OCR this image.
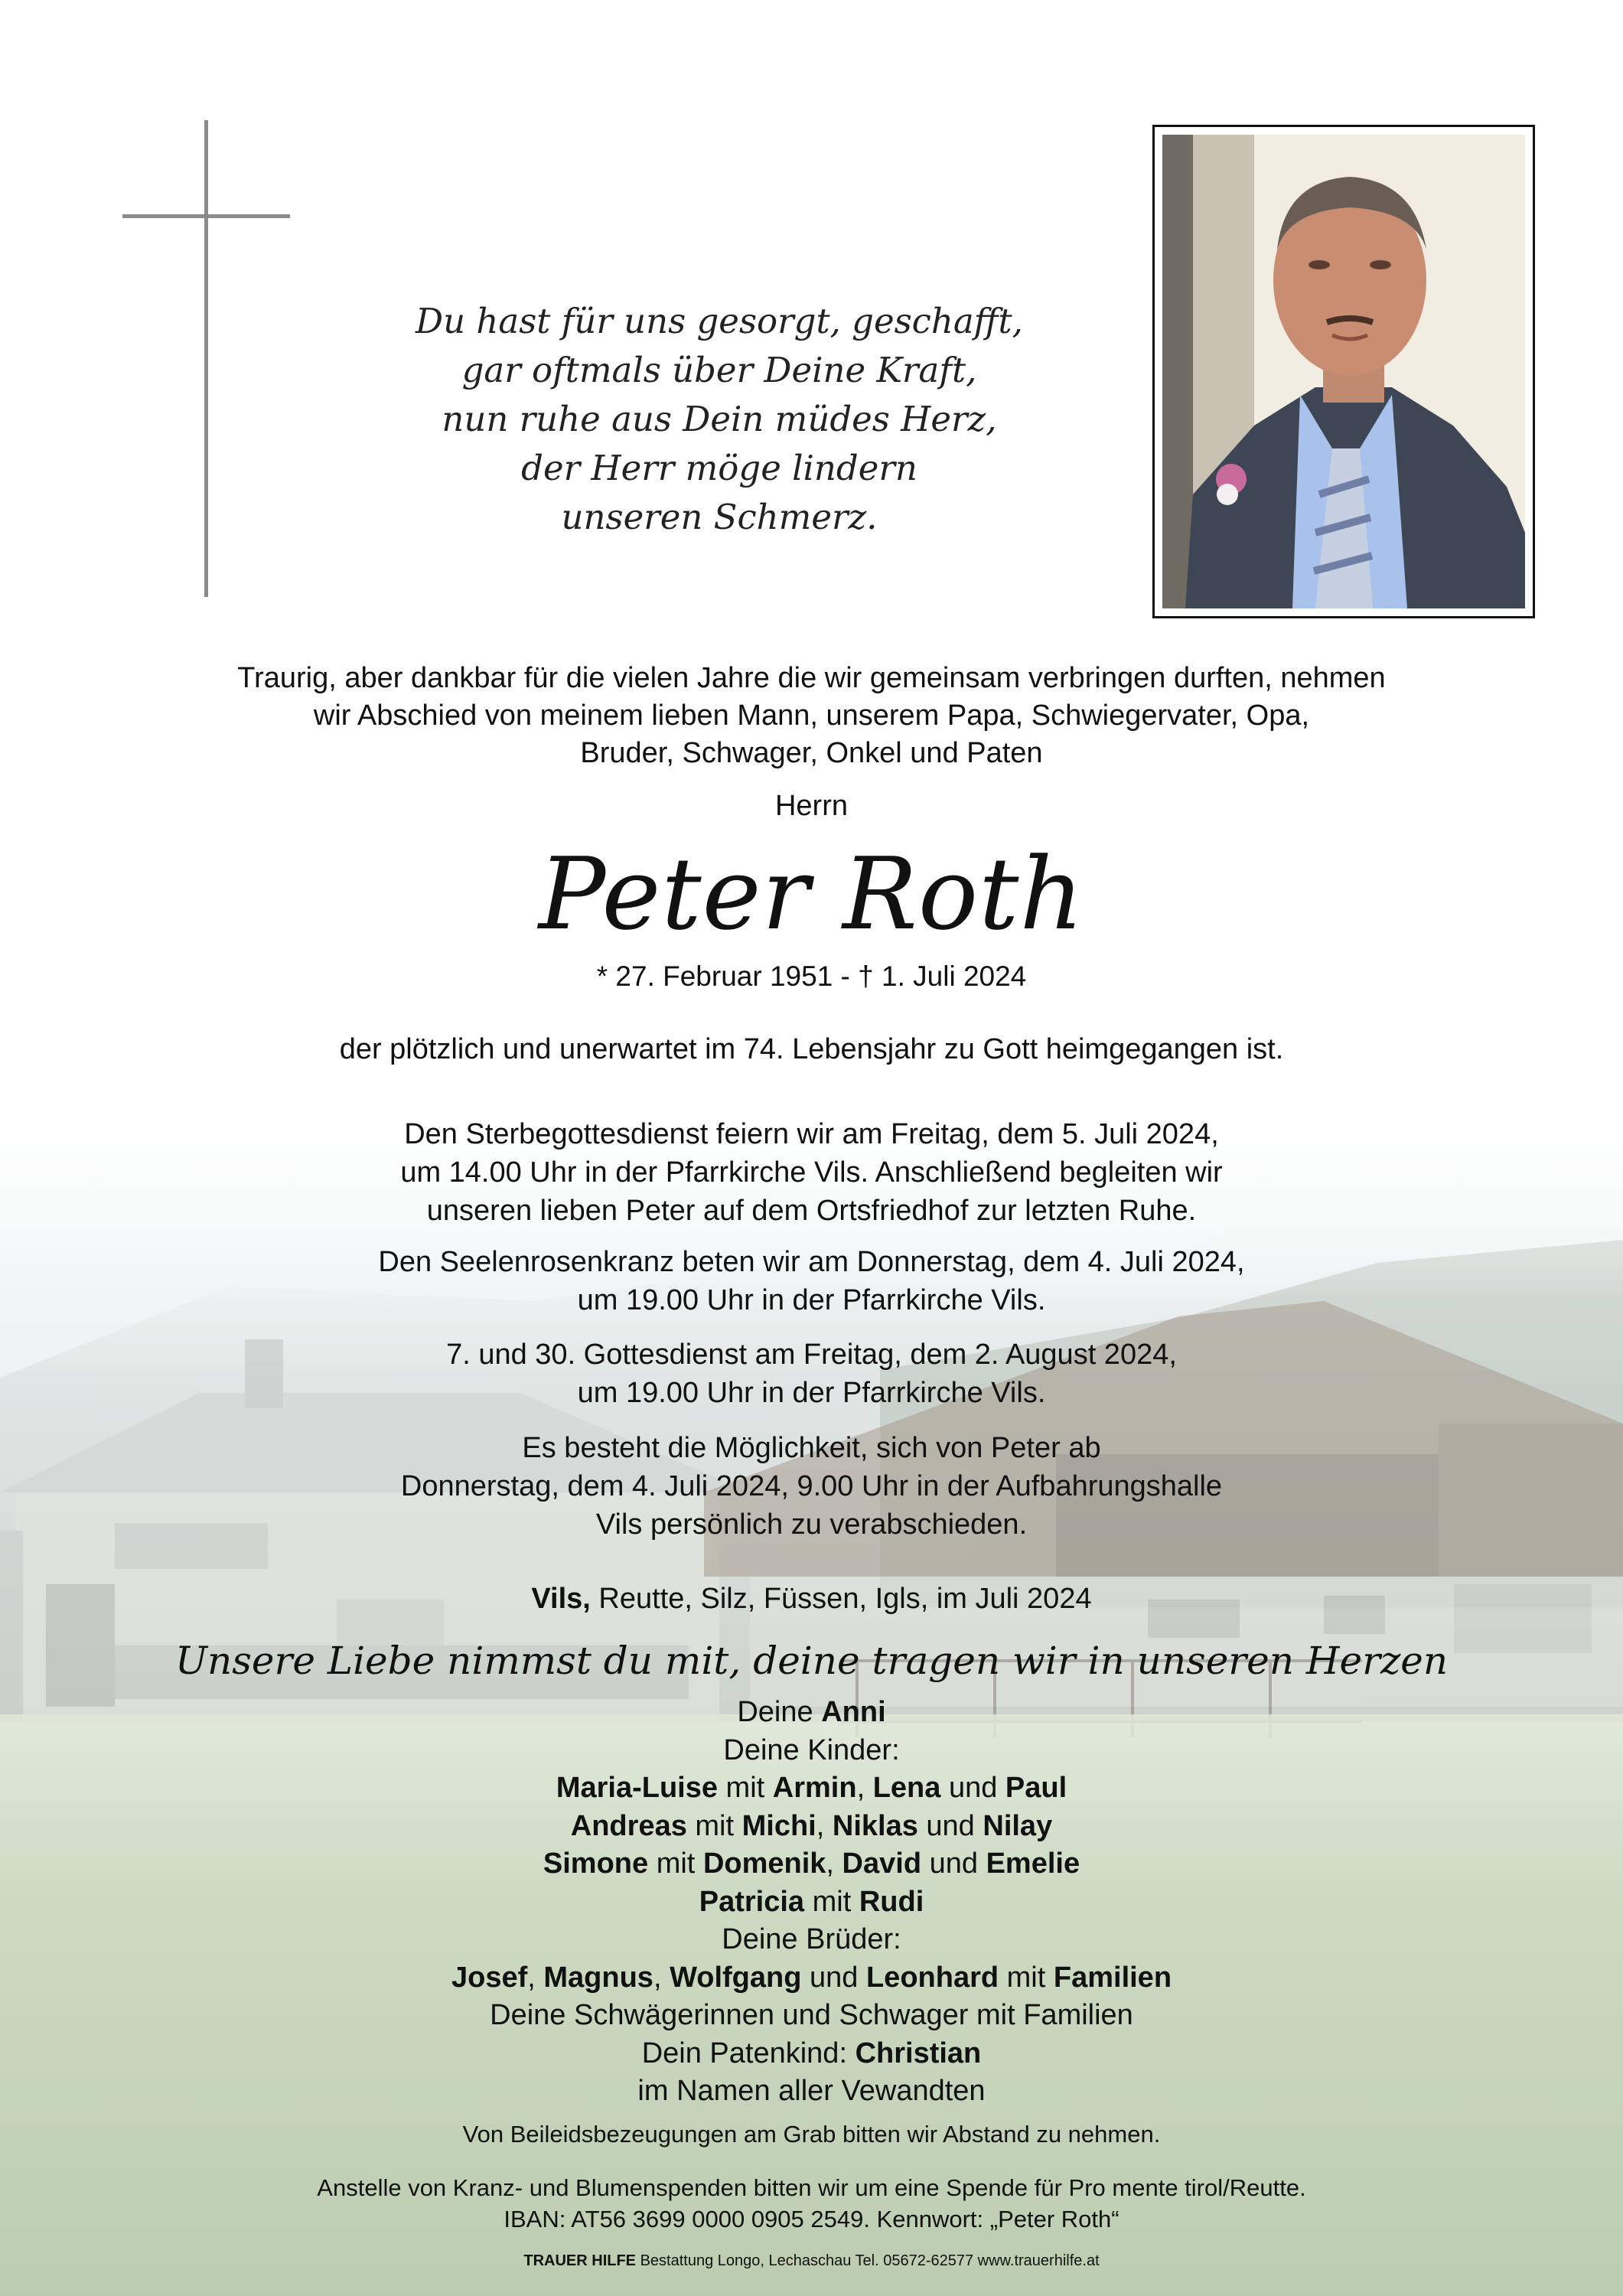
Du hast für uns gesorgt, geschafft,
gar oftmals über Deine Kraft,
nun ruhe aus Dein müdes Herz,
der Herr möge lindern
unseren Schmerz.
Traurig, aber dankbar für die vielen Jahre die wir gemeinsam verbringen durften, nehmen
wir Abschied von meinem lieben Mann, unserem Papa, Schwiegervater, Opa,
Bruder, Schwager, Onkel und Paten
Herrn
Peter Roth
* 27. Februar 1951 - † 1. Juli 2024
der plötzlich und unerwartet im 74. Lebensjahr zu Gott heimgegangen ist.
Den Sterbegottesdienst feiern wir am Freitag, dem 5. Juli 2024,
um 14.00 Uhr in der Pfarrkirche Vils. Anschließend begleiten wir
unseren lieben Peter auf dem Ortsfriedhof zur letzten Ruhe.
Den Seelenrosenkranz beten wir am Donnerstag, dem 4. Juli 2024,
um 19.00 Uhr in der Pfarrkirche Vils.
7. und 30. Gottesdienst am Freitag, dem 2. August 2024,
um 19.00 Uhr in der Pfarrkirche Vils.
Es besteht die Möglichkeit, sich von Peter ab
Donnerstag, dem 4. Juli 2024, 9.00 Uhr in der Aufbahrungshalle
Vils persönlich zu verabschieden.
Vils, Reutte, Silz, Füssen, Igls, im Juli 2024
Unsere Liebe nimmst du mit, deine tragen wir in unseren Herzen
Deine Anni
Deine Kinder:
Maria-Luise mit Armin, Lena und Paul
Andreas mit Michi, Niklas und Nilay
Simone mit Domenik, David und Emelie
Patricia mit Rudi
Deine Brüder:
Josef, Magnus, Wolfgang und Leonhard mit Familien
Deine Schwägerinnen und Schwager mit Familien
Dein Patenkind: Christian
im Namen aller Vewandten
Von Beileidsbezeugungen am Grab bitten wir Abstand zu nehmen.
Anstelle von Kranz- und Blumenspenden bitten wir um eine Spende für Pro mente tirol/Reutte.
IBAN: AT56 3699 0000 0905 2549. Kennwort: „Peter Roth“
TRAUER HILFE Bestattung Longo, Lechaschau Tel. 05672-62577 www.trauerhilfe.at
